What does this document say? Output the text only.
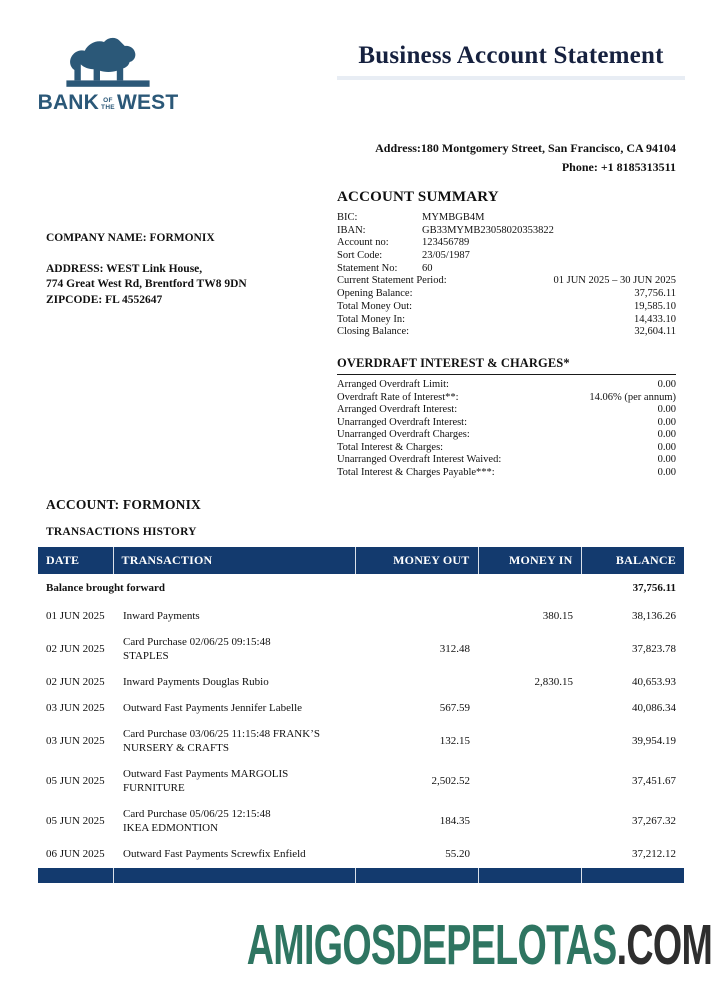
BANK OF
THE WEST
Business Account Statement
Address:180 Montgomery Street, San Francisco, CA 94104
Phone: +1 8185313511
COMPANY NAME: FORMONIX
ADDRESS: WEST Link House,
774 Great West Rd, Brentford TW8 9DN
ZIPCODE: FL 4552647
ACCOUNT SUMMARY
BIC:	MYMBGB4M
IBAN:	GB33MYMB23058020353822
Account no:	123456789
Sort Code:	23/05/1987
Statement No: 60
Current Statement Period:	01 JUN 2025 – 30 JUN 2025
Opening Balance:	37,756.11
Total Money Out:	19,585.10
Total Money In:	14,433.10
Closing Balance:	32,604.11
OVERDRAFT INTEREST & CHARGES*
Arranged Overdraft Limit:	0.00
Overdraft Rate of Interest**:	14.06% (per annum)
Arranged Overdraft Interest:	0.00
Unarranged Overdraft Interest:	0.00
Unarranged Overdraft Charges:	0.00
Total Interest & Charges:	0.00
Unarranged Overdraft Interest Waived:	0.00
Total Interest & Charges Payable***:	0.00
ACCOUNT: FORMONIX
TRANSACTIONS HISTORY
DATE	TRANSACTION	MONEY OUT	MONEY IN	BALANCE
Balance brought forward				37,756.11
01 JUN 2025	Inward Payments		380.15	38,136.26
02 JUN 2025	Card Purchase 02/06/25 09:15:48
STAPLES	312.48		37,823.78
02 JUN 2025	Inward Payments Douglas Rubio		2,830.15	40,653.93
03 JUN 2025	Outward Fast Payments Jennifer Labelle	567.59		40,086.34
03 JUN 2025	Card Purchase 03/06/25 11:15:48 FRANK’S
NURSERY & CRAFTS	132.15		39,954.19
05 JUN 2025	Outward Fast Payments MARGOLIS FURNITURE	2,502.52		37,451.67
05 JUN 2025	Card Purchase 05/06/25 12:15:48
IKEA EDMONTION	184.35		37,267.32
06 JUN 2025	Outward Fast Payments Screwfix Enfield	55.20		37,212.12

AMIGOSDEPELOTAS.COM
